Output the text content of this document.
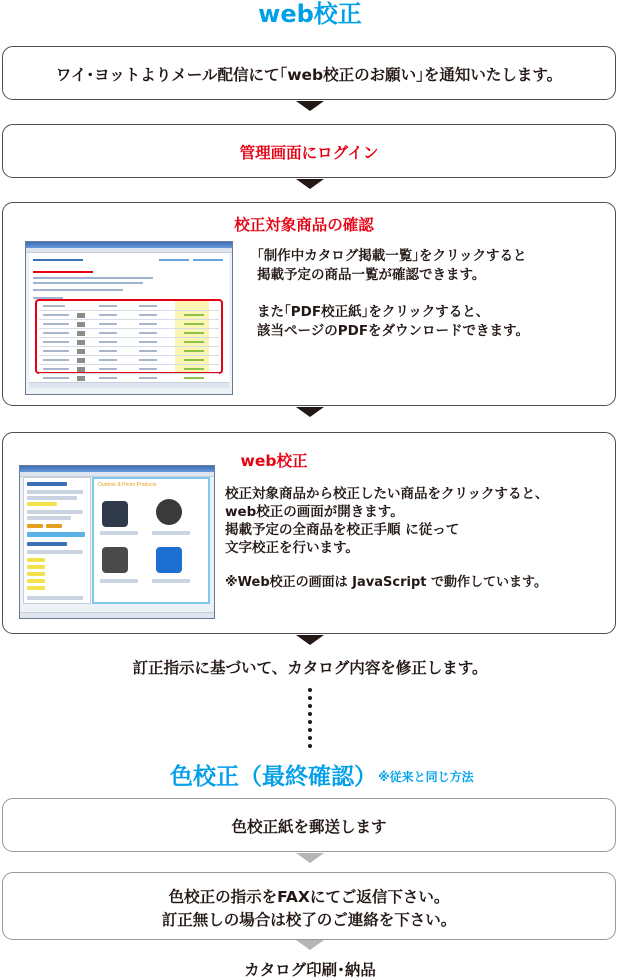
web校正
ワイ･ヨットよりメール配信にて｢web校正のお願い｣を通知いたします。
管理画面にログイン
校正対象商品の確認
｢制作中カタログ掲載一覧｣をクリックすると
掲載予定の商品一覧が確認できます。
また｢PDF校正紙｣をクリックすると、
該当ページのPDFをダウンロードできます。
web校正
Outdoor & Photo Products
校正対象商品から校正したい商品をクリックすると、
web校正の画面が開きます。
掲載予定の全商品を校正手順 に従って
文字校正を行います。
※Web校正の画面は JavaScript で動作しています。
訂正指示に基づいて、カタログ内容を修正します。
色校正（最終確認） ※従来と同じ方法
色校正紙を郵送します
色校正の指示をFAXにてご返信下さい。
訂正無しの場合は校了のご連絡を下さい。
カタログ印刷･納品
